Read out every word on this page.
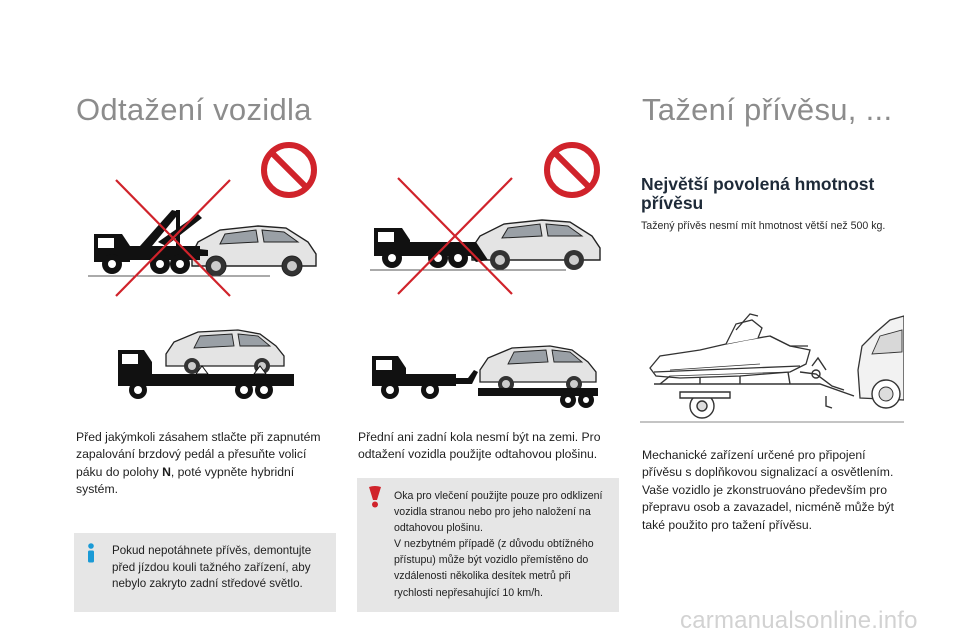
Odtažení vozidla	Tažení přívěsu, ...

Před jakýmkoli zásahem stlačte při zapnutém zapalování brzdový pedál a přesuňte volicí páku do polohy N, poté vypněte hybridní systém.

Pokud nepotáhnete přívěs, demontujte před jízdou kouli tažného zařízení, aby nebylo zakryto zadní středové světlo.

Přední ani zadní kola nesmí být na zemi. Pro odtažení vozidla použijte odtahovou plošinu.

Oka pro vlečení použijte pouze pro odklizení vozidla stranou nebo pro jeho naložení na odtahovou plošinu.

V nezbytném případě (z důvodu obtížného přístupu) může být vozidlo přemístěno do vzdálenosti několika desítek metrů při rychlosti nepřesahující 10 km/h.

Největší povolená hmotnost přívěsu

Tažený přívěs nesmí mít hmotnost větší než 500 kg.

Mechanické zařízení určené pro připojení přívěsu s doplňkovou signalizací a osvětlením. Vaše vozidlo je zkonstruováno především pro přepravu osob a zavazadel, nicméně může být také použito pro tažení přívěsu.

carmanualsonline.info
